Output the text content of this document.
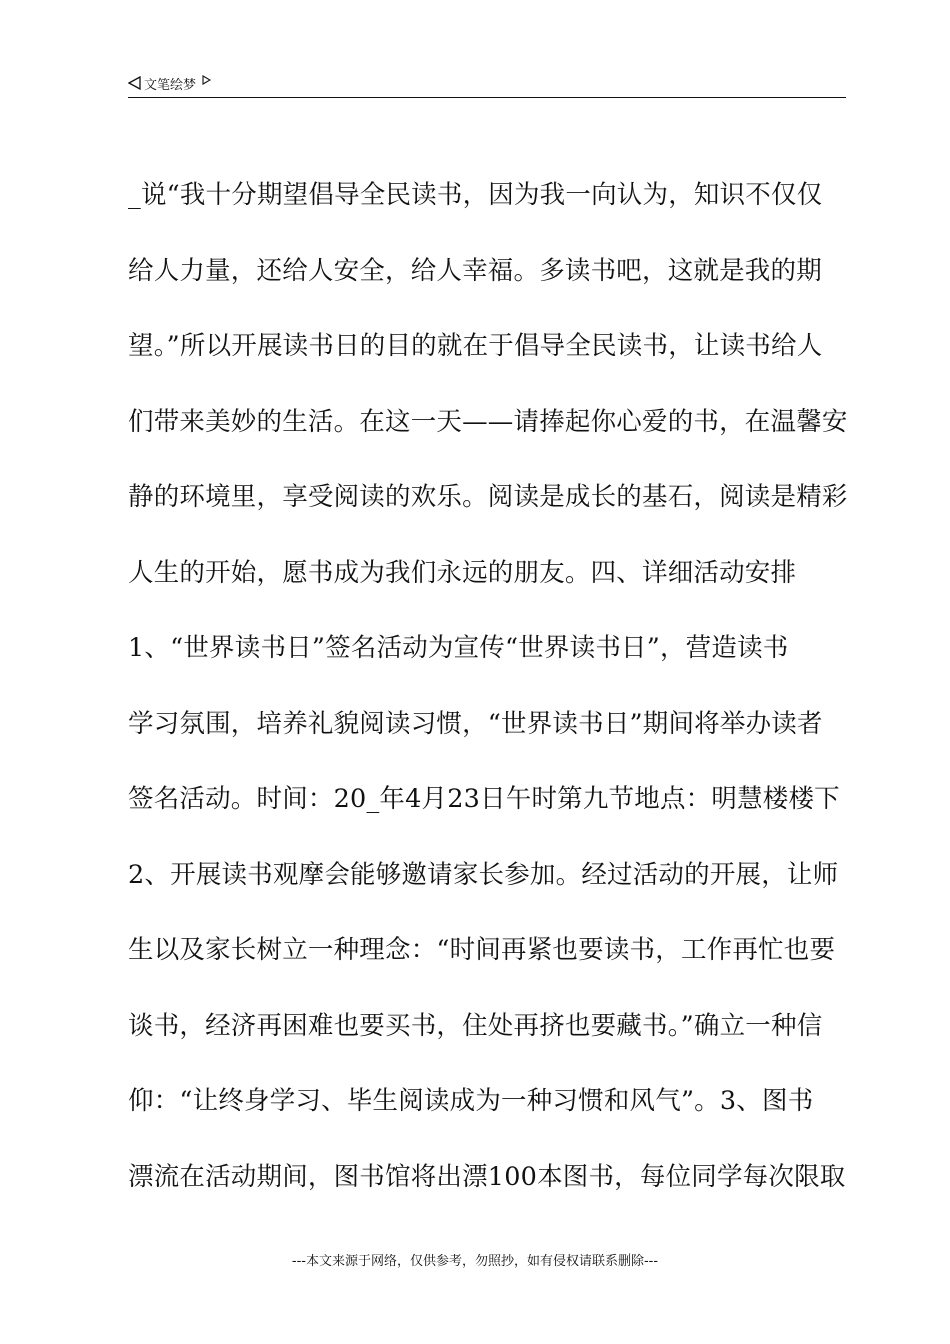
文笔绘梦
_说“我十分期望倡导全民读书，因为我一向认为，知识不仅仅
给人力量，还给人安全，给人幸福。多读书吧，这就是我的期
望。”所以开展读书日的目的就在于倡导全民读书，让读书给人
们带来美妙的生活。在这一天——请捧起你心爱的书，在温馨安
静的环境里，享受阅读的欢乐。阅读是成长的基石，阅读是精彩
人生的开始，愿书成为我们永远的朋友。四、详细活动安排
1、“世界读书日”签名活动为宣传“世界读书日”，营造读书
学习氛围，培养礼貌阅读习惯，“世界读书日”期间将举办读者
签名活动。时间：20_年4月23日午时第九节地点：明慧楼楼下
2、开展读书观摩会能够邀请家长参加。经过活动的开展，让师
生以及家长树立一种理念：“时间再紧也要读书，工作再忙也要
谈书，经济再困难也要买书，住处再挤也要藏书。”确立一种信
仰：“让终身学习、毕生阅读成为一种习惯和风气”。3、图书
漂流在活动期间，图书馆将出漂100本图书，每位同学每次限取
---本文来源于网络，仅供参考，勿照抄，如有侵权请联系删除---
